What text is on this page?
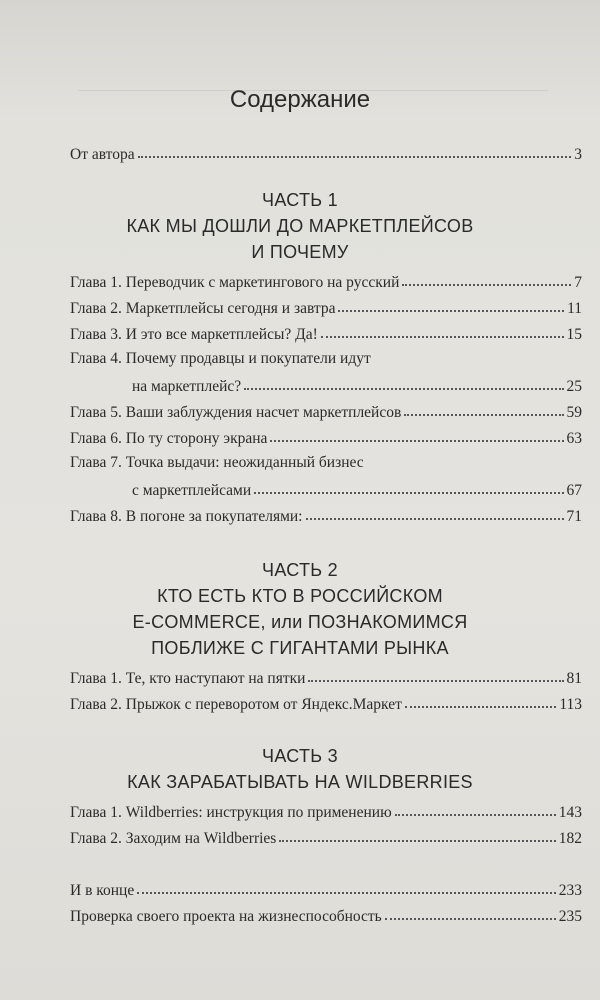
Содержание
От автора	3
ЧАСТЬ 1
КАК МЫ ДОШЛИ ДО МАРКЕТПЛЕЙСОВ
И ПОЧЕМУ
Глава 1. Переводчик с маркетингового на русский	7
Глава 2. Маркетплейсы сегодня и завтра	11
Глава 3. И это все маркетплейсы? Да!	15
Глава 4. Почему продавцы и покупатели идут
на маркетплейс?	25
Глава 5. Ваши заблуждения насчет маркетплейсов	59
Глава 6. По ту сторону экрана	63
Глава 7. Точка выдачи: неожиданный бизнес
с маркетплейсами	67
Глава 8. В погоне за покупателями:	71
ЧАСТЬ 2
КТО ЕСТЬ КТО В РОССИЙСКОМ
E-COMMERCE, или ПОЗНАКОМИМСЯ
ПОБЛИЖЕ С ГИГАНТАМИ РЫНКА
Глава 1. Те, кто наступают на пятки	81
Глава 2. Прыжок с переворотом от Яндекс.Маркет	113
ЧАСТЬ 3
КАК ЗАРАБАТЫВАТЬ НА WILDBERRIES
Глава 1. Wildberries: инструкция по применению	143
Глава 2. Заходим на Wildberries	182
И в конце	233
Проверка своего проекта на жизнеспособность	235
